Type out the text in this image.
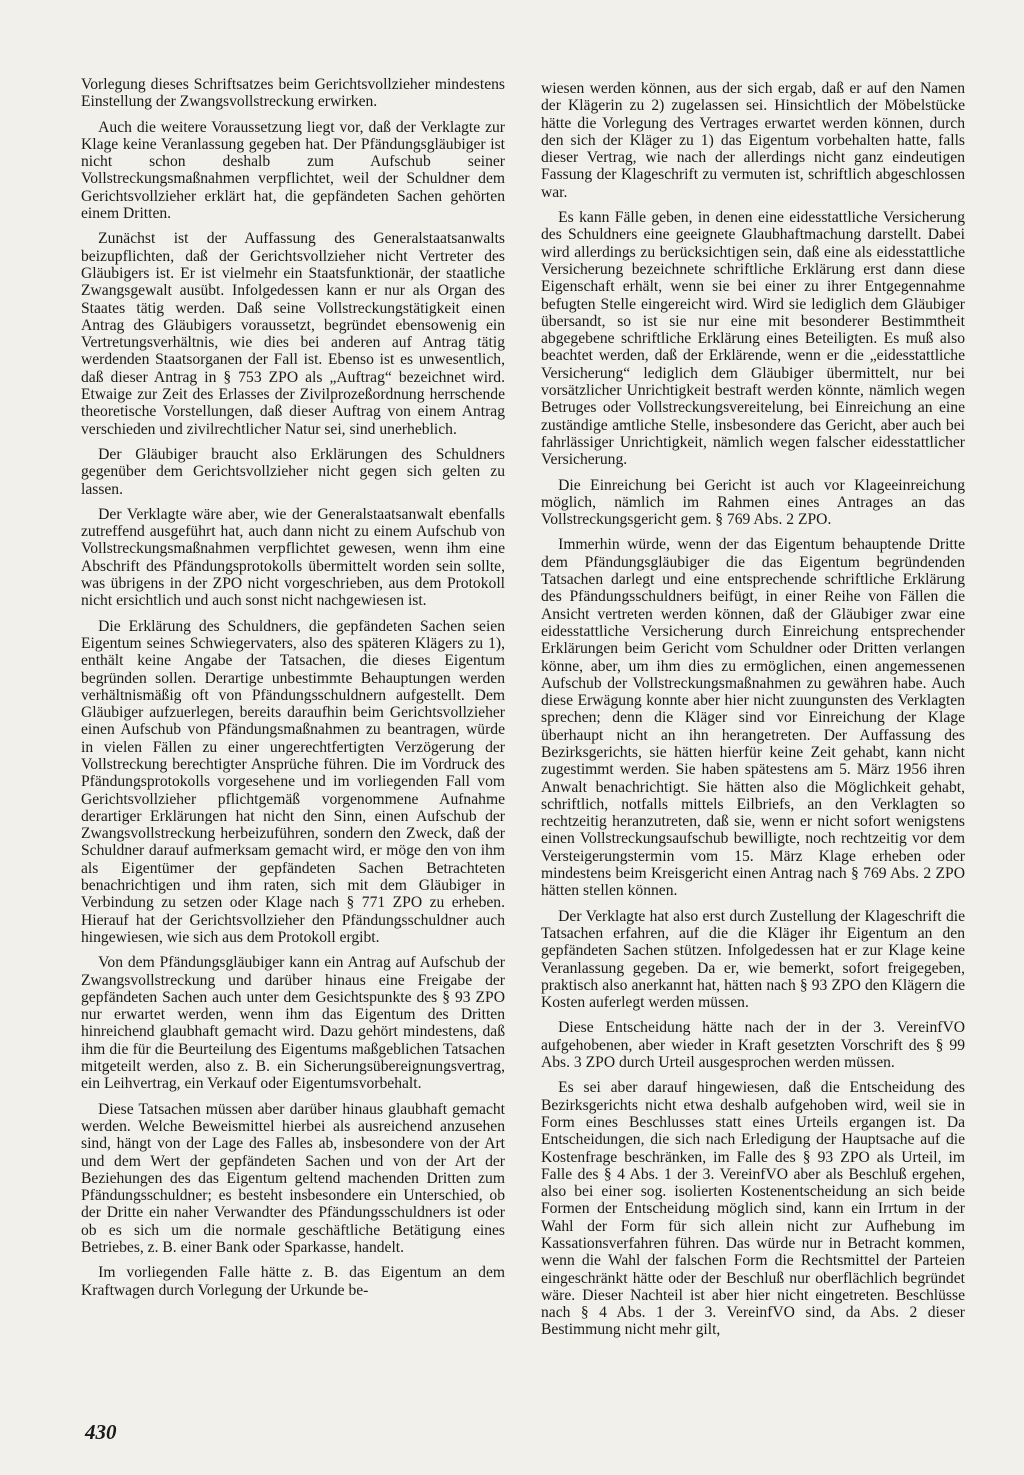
Vorlegung dieses Schriftsatzes beim Gerichtsvollzieher mindestens Einstellung der Zwangsvollstreckung erwirken.

Auch die weitere Voraussetzung liegt vor, daß der Verklagte zur Klage keine Veranlassung gegeben hat. Der Pfändungsgläubiger ist nicht schon deshalb zum Aufschub seiner Vollstreckungsmaßnahmen verpflichtet, weil der Schuldner dem Gerichtsvollzieher erklärt hat, die gepfändeten Sachen gehörten einem Dritten.

Zunächst ist der Auffassung des Generalstaatsanwalts beizupflichten, daß der Gerichtsvollzieher nicht Vertreter des Gläubigers ist. Er ist vielmehr ein Staatsfunktionär, der staatliche Zwangsgewalt ausübt. Infolgedessen kann er nur als Organ des Staates tätig werden. Daß seine Vollstreckungstätigkeit einen Antrag des Gläubigers voraussetzt, begründet ebensowenig ein Vertretungsverhältnis, wie dies bei anderen auf Antrag tätig werdenden Staatsorganen der Fall ist. Ebenso ist es unwesentlich, daß dieser Antrag in § 753 ZPO als „Auftrag“ bezeichnet wird. Etwaige zur Zeit des Erlasses der Zivilprozeßordnung herrschende theoretische Vorstellungen, daß dieser Auftrag von einem Antrag verschieden und zivilrechtlicher Natur sei, sind unerheblich.

Der Gläubiger braucht also Erklärungen des Schuldners gegenüber dem Gerichtsvollzieher nicht gegen sich gelten zu lassen.

Der Verklagte wäre aber, wie der Generalstaatsanwalt ebenfalls zutreffend ausgeführt hat, auch dann nicht zu einem Aufschub von Vollstreckungsmaßnahmen verpflichtet gewesen, wenn ihm eine Abschrift des Pfändungsprotokolls übermittelt worden sein sollte, was übrigens in der ZPO nicht vorgeschrieben, aus dem Protokoll nicht ersichtlich und auch sonst nicht nachgewiesen ist.

Die Erklärung des Schuldners, die gepfändeten Sachen seien Eigentum seines Schwiegervaters, also des späteren Klägers zu 1), enthält keine Angabe der Tatsachen, die dieses Eigentum begründen sollen. Derartige unbestimmte Behauptungen werden verhältnismäßig oft von Pfändungsschuldnern aufgestellt. Dem Gläubiger aufzuerlegen, bereits daraufhin beim Gerichtsvollzieher einen Aufschub von Pfändungsmaßnahmen zu beantragen, würde in vielen Fällen zu einer ungerechtfertigten Verzögerung der Vollstreckung berechtigter Ansprüche führen. Die im Vordruck des Pfändungsprotokolls vorgesehene und im vorliegenden Fall vom Gerichtsvollzieher pflichtgemäß vorgenommene Aufnahme derartiger Erklärungen hat nicht den Sinn, einen Aufschub der Zwangsvollstreckung herbeizuführen, sondern den Zweck, daß der Schuldner darauf aufmerksam gemacht wird, er möge den von ihm als Eigentümer der gepfändeten Sachen Betrachteten benachrichtigen und ihm raten, sich mit dem Gläubiger in Verbindung zu setzen oder Klage nach § 771 ZPO zu erheben. Hierauf hat der Gerichtsvollzieher den Pfändungsschuldner auch hingewiesen, wie sich aus dem Protokoll ergibt.

Von dem Pfändungsgläubiger kann ein Antrag auf Aufschub der Zwangsvollstreckung und darüber hinaus eine Freigabe der gepfändeten Sachen auch unter dem Gesichtspunkte des § 93 ZPO nur erwartet werden, wenn ihm das Eigentum des Dritten hinreichend glaubhaft gemacht wird. Dazu gehört mindestens, daß ihm die für die Beurteilung des Eigentums maßgeblichen Tatsachen mitgeteilt werden, also z. B. ein Sicherungsübereignungsvertrag, ein Leihvertrag, ein Verkauf oder Eigentumsvorbehalt.

Diese Tatsachen müssen aber darüber hinaus glaubhaft gemacht werden. Welche Beweismittel hierbei als ausreichend anzusehen sind, hängt von der Lage des Falles ab, insbesondere von der Art und dem Wert der gepfändeten Sachen und von der Art der Beziehungen des das Eigentum geltend machenden Dritten zum Pfändungsschuldner; es besteht insbesondere ein Unterschied, ob der Dritte ein naher Verwandter des Pfändungsschuldners ist oder ob es sich um die normale geschäftliche Betätigung eines Betriebes, z. B. einer Bank oder Sparkasse, handelt.

Im vorliegenden Falle hätte z. B. das Eigentum an dem Kraftwagen durch Vorlegung der Urkunde be-

wiesen werden können, aus der sich ergab, daß er auf den Namen der Klägerin zu 2) zugelassen sei. Hinsichtlich der Möbelstücke hätte die Vorlegung des Vertrages erwartet werden können, durch den sich der Kläger zu 1) das Eigentum vorbehalten hatte, falls dieser Vertrag, wie nach der allerdings nicht ganz eindeutigen Fassung der Klageschrift zu vermuten ist, schriftlich abgeschlossen war.

Es kann Fälle geben, in denen eine eidesstattliche Versicherung des Schuldners eine geeignete Glaubhaftmachung darstellt. Dabei wird allerdings zu berücksichtigen sein, daß eine als eidesstattliche Versicherung bezeichnete schriftliche Erklärung erst dann diese Eigenschaft erhält, wenn sie bei einer zu ihrer Entgegennahme befugten Stelle eingereicht wird. Wird sie lediglich dem Gläubiger übersandt, so ist sie nur eine mit besonderer Bestimmtheit abgegebene schriftliche Erklärung eines Beteiligten. Es muß also beachtet werden, daß der Erklärende, wenn er die „eidesstattliche Versicherung“ lediglich dem Gläubiger übermittelt, nur bei vorsätzlicher Unrichtigkeit bestraft werden könnte, nämlich wegen Betruges oder Vollstreckungsvereitelung, bei Einreichung an eine zuständige amtliche Stelle, insbesondere das Gericht, aber auch bei fahrlässiger Unrichtigkeit, nämlich wegen falscher eidesstattlicher Versicherung.

Die Einreichung bei Gericht ist auch vor Klageeinreichung möglich, nämlich im Rahmen eines Antrages an das Vollstreckungsgericht gem. § 769 Abs. 2 ZPO.

Immerhin würde, wenn der das Eigentum behauptende Dritte dem Pfändungsgläubiger die das Eigentum begründenden Tatsachen darlegt und eine entsprechende schriftliche Erklärung des Pfändungsschuldners beifügt, in einer Reihe von Fällen die Ansicht vertreten werden können, daß der Gläubiger zwar eine eidesstattliche Versicherung durch Einreichung entsprechender Erklärungen beim Gericht vom Schuldner oder Dritten verlangen könne, aber, um ihm dies zu ermöglichen, einen angemessenen Aufschub der Vollstreckungsmaßnahmen zu gewähren habe. Auch diese Erwägung konnte aber hier nicht zuungunsten des Verklagten sprechen; denn die Kläger sind vor Einreichung der Klage überhaupt nicht an ihn herangetreten. Der Auffassung des Bezirksgerichts, sie hätten hierfür keine Zeit gehabt, kann nicht zugestimmt werden. Sie haben spätestens am 5. März 1956 ihren Anwalt benachrichtigt. Sie hätten also die Möglichkeit gehabt, schriftlich, notfalls mittels Eilbriefs, an den Verklagten so rechtzeitig heranzutreten, daß sie, wenn er nicht sofort wenigstens einen Vollstreckungsaufschub bewilligte, noch rechtzeitig vor dem Versteigerungstermin vom 15. März Klage erheben oder mindestens beim Kreisgericht einen Antrag nach § 769 Abs. 2 ZPO hätten stellen können.

Der Verklagte hat also erst durch Zustellung der Klageschrift die Tatsachen erfahren, auf die die Kläger ihr Eigentum an den gepfändeten Sachen stützen. Infolgedessen hat er zur Klage keine Veranlassung gegeben. Da er, wie bemerkt, sofort freigegeben, praktisch also anerkannt hat, hätten nach § 93 ZPO den Klägern die Kosten auferlegt werden müssen.

Diese Entscheidung hätte nach der in der 3. VereinfVO aufgehobenen, aber wieder in Kraft gesetzten Vorschrift des § 99 Abs. 3 ZPO durch Urteil ausgesprochen werden müssen.

Es sei aber darauf hingewiesen, daß die Entscheidung des Bezirksgerichts nicht etwa deshalb aufgehoben wird, weil sie in Form eines Beschlusses statt eines Urteils ergangen ist. Da Entscheidungen, die sich nach Erledigung der Hauptsache auf die Kostenfrage beschränken, im Falle des § 93 ZPO als Urteil, im Falle des § 4 Abs. 1 der 3. VereinfVO aber als Beschluß ergehen, also bei einer sog. isolierten Kostenentscheidung an sich beide Formen der Entscheidung möglich sind, kann ein Irrtum in der Wahl der Form für sich allein nicht zur Aufhebung im Kassationsverfahren führen. Das würde nur in Betracht kommen, wenn die Wahl der falschen Form die Rechtsmittel der Parteien eingeschränkt hätte oder der Beschluß nur oberflächlich begründet wäre. Dieser Nachteil ist aber hier nicht eingetreten. Beschlüsse nach § 4 Abs. 1 der 3. VereinfVO sind, da Abs. 2 dieser Bestimmung nicht mehr gilt,

430
